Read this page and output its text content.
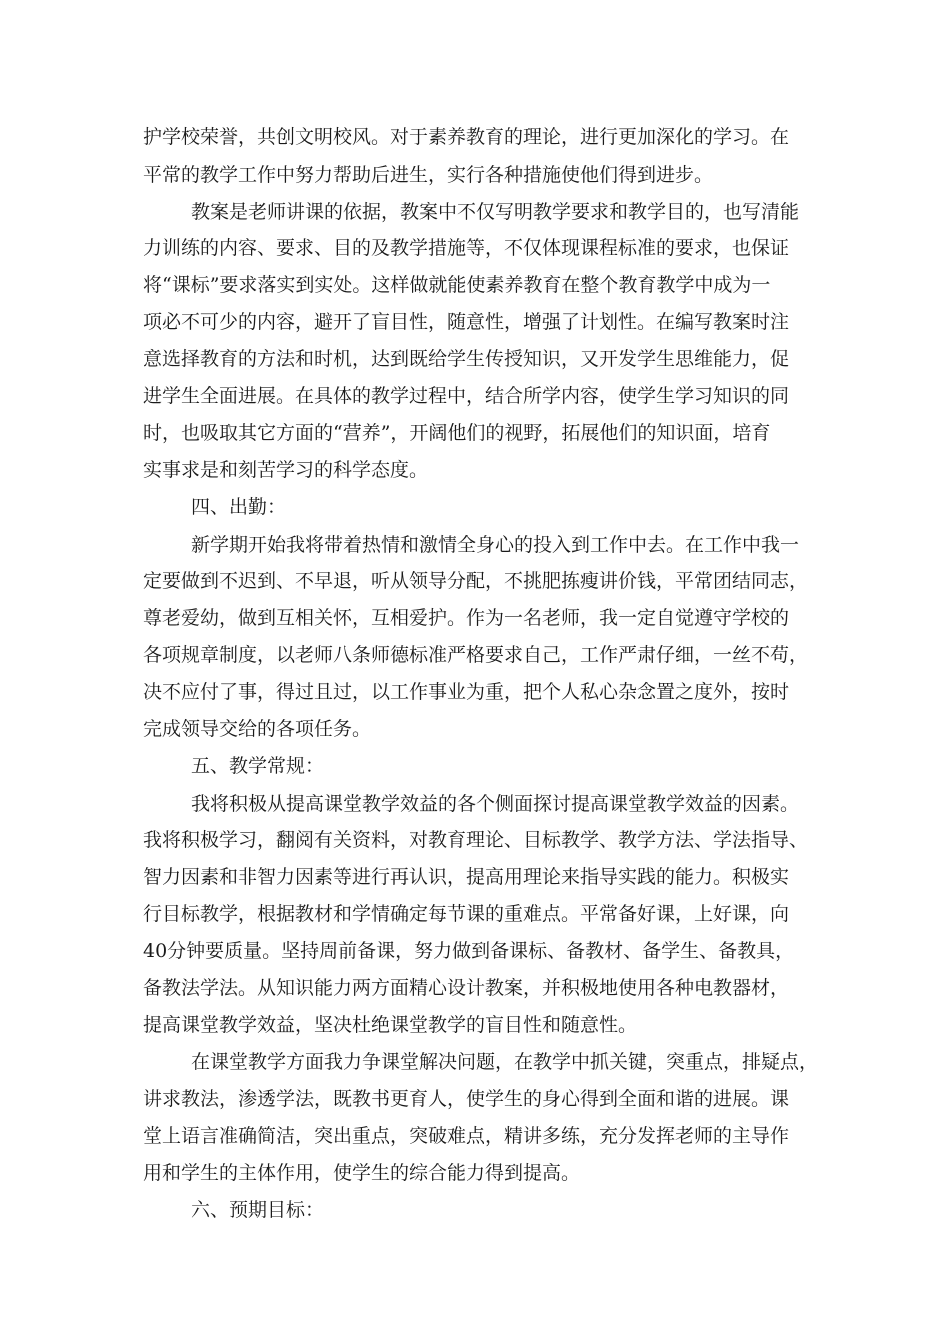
护学校荣誉，共创文明校风。对于素养教育的理论，进行更加深化的学习。在
平常的教学工作中努力帮助后进生，实行各种措施使他们得到进步。
教案是老师讲课的依据，教案中不仅写明教学要求和教学目的，也写清能
力训练的内容、要求、目的及教学措施等，不仅体现课程标准的要求，也保证
将“课标”要求落实到实处。这样做就能使素养教育在整个教育教学中成为一
项必不可少的内容，避开了盲目性，随意性，增强了计划性。在编写教案时注
意选择教育的方法和时机，达到既给学生传授知识，又开发学生思维能力，促
进学生全面进展。在具体的教学过程中，结合所学内容，使学生学习知识的同
时，也吸取其它方面的“营养”，开阔他们的视野，拓展他们的知识面，培育
实事求是和刻苦学习的科学态度。
四、出勤：
新学期开始我将带着热情和激情全身心的投入到工作中去。在工作中我一
定要做到不迟到、不早退，听从领导分配，不挑肥拣瘦讲价钱，平常团结同志，
尊老爱幼，做到互相关怀，互相爱护。作为一名老师，我一定自觉遵守学校的
各项规章制度，以老师八条师德标准严格要求自己，工作严肃仔细，一丝不苟，
决不应付了事，得过且过，以工作事业为重，把个人私心杂念置之度外，按时
完成领导交给的各项任务。
五、教学常规：
我将积极从提高课堂教学效益的各个侧面探讨提高课堂教学效益的因素。
我将积极学习，翻阅有关资料，对教育理论、目标教学、教学方法、学法指导、
智力因素和非智力因素等进行再认识，提高用理论来指导实践的能力。积极实
行目标教学，根据教材和学情确定每节课的重难点。平常备好课，上好课，向
40分钟要质量。坚持周前备课，努力做到备课标、备教材、备学生、备教具，
备教法学法。从知识能力两方面精心设计教案，并积极地使用各种电教器材，
提高课堂教学效益，坚决杜绝课堂教学的盲目性和随意性。
在课堂教学方面我力争课堂解决问题，在教学中抓关键，突重点，排疑点，
讲求教法，渗透学法，既教书更育人，使学生的身心得到全面和谐的进展。课
堂上语言准确简洁，突出重点，突破难点，精讲多练，充分发挥老师的主导作
用和学生的主体作用，使学生的综合能力得到提高。
六、预期目标：
